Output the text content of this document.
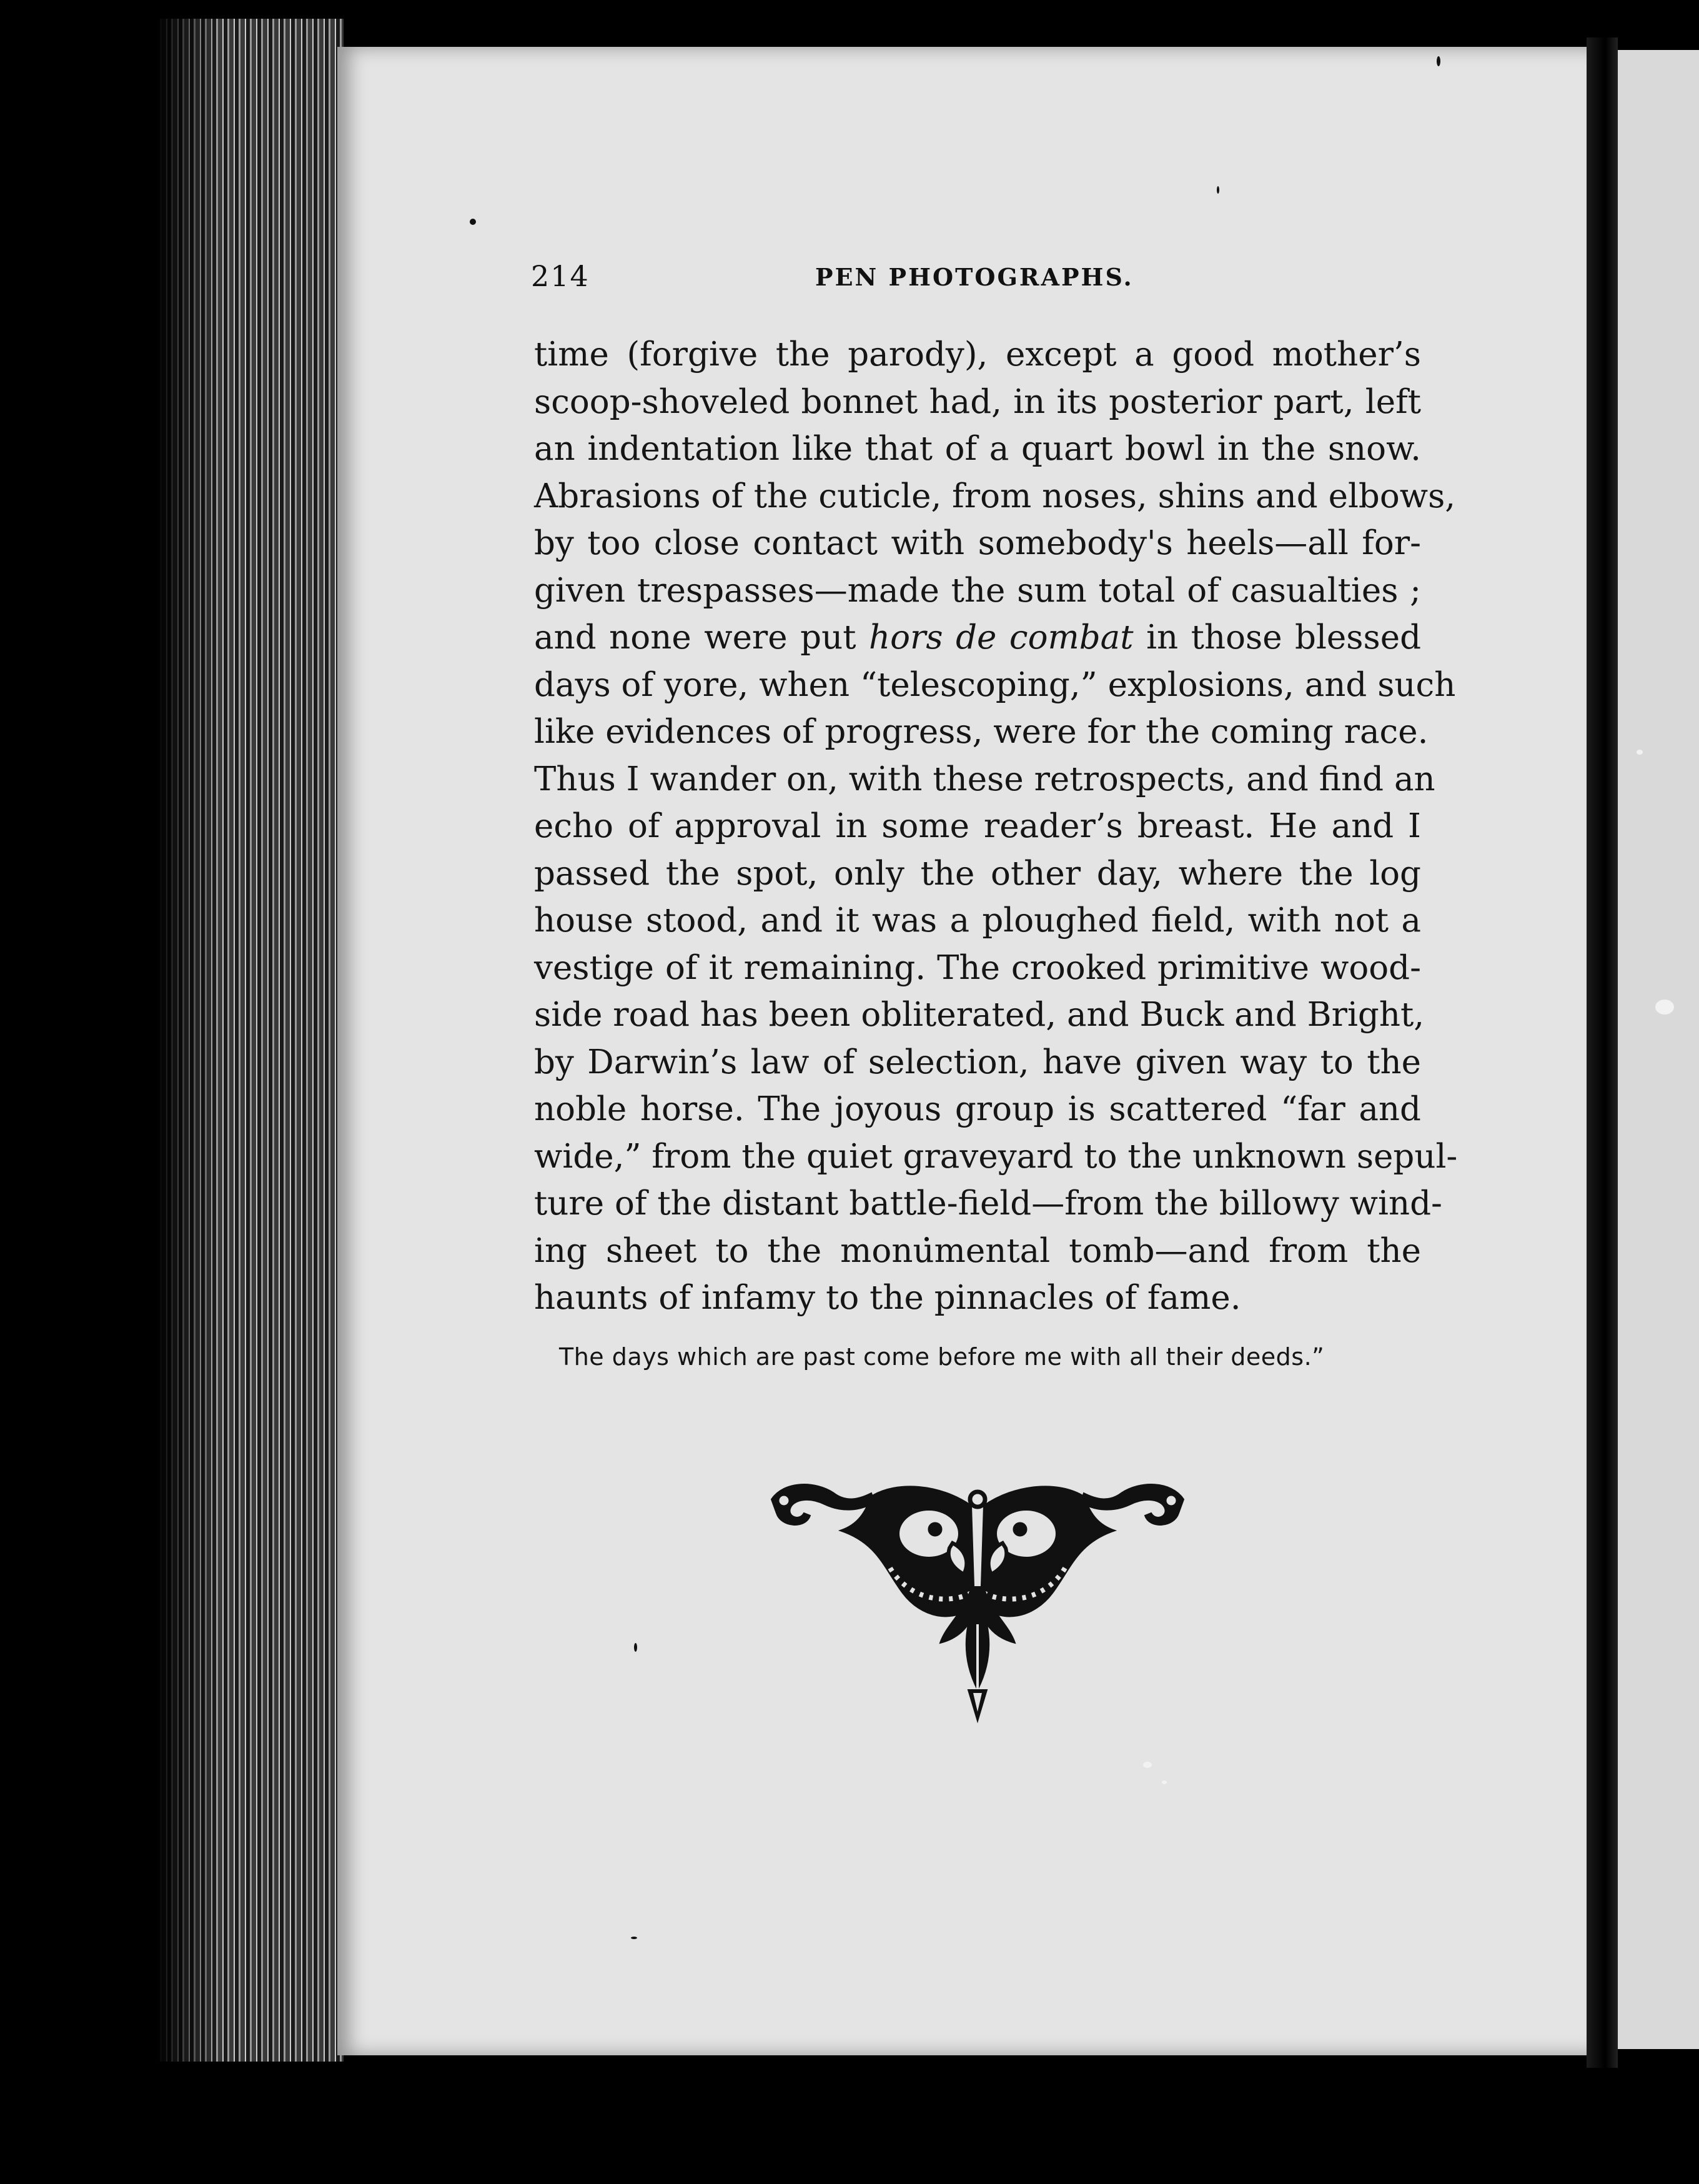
214	PEN PHOTOGRAPHS.
time (forgive the parody), except a good mother’s
scoop-shoveled bonnet had, in its posterior part, left
an indentation like that of a quart bowl in the snow.
Abrasions of the cuticle, from noses, shins and elbows,
by too close contact with somebody's heels—all for-
given trespasses—made the sum total of casualties ;
and none were put hors de combat in those blessed
days of yore, when “telescoping,” explosions, and such
like evidences of progress, were for the coming race.
Thus I wander on, with these retrospects, and find an
echo of approval in some reader’s breast. He and I
passed the spot, only the other day, where the log
house stood, and it was a ploughed field, with not a
vestige of it remaining. The crooked primitive wood-
side road has been obliterated, and Buck and Bright,
by Darwin’s law of selection, have given way to the
noble horse. The joyous group is scattered “far and
wide,” from the quiet graveyard to the unknown sepul-
ture of the distant battle-field—from the billowy wind-
ing sheet to the monumental tomb—and from the
haunts of infamy to the pinnacles of fame.
The days which are past come before me with all their deeds.”
